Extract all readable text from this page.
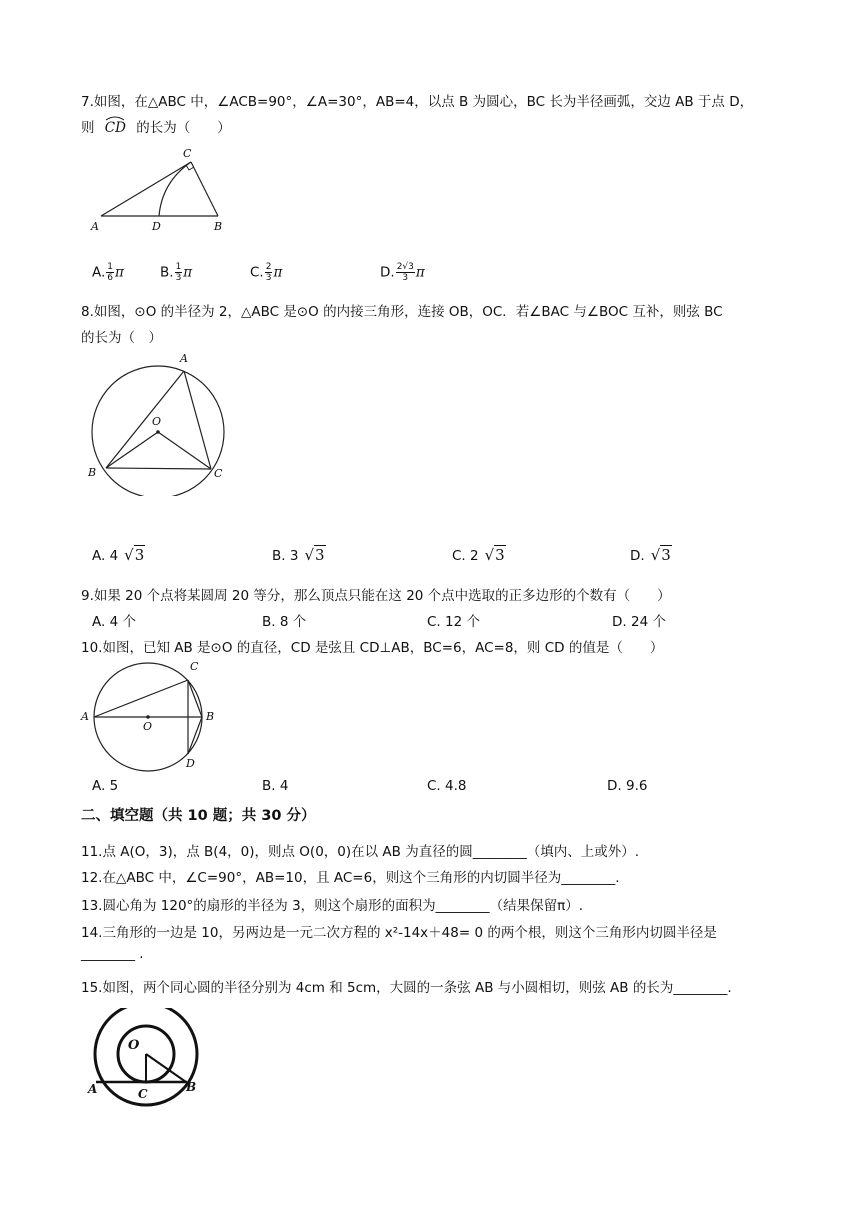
7.如图，在△ABC 中，∠ACB=90°，∠A=30°，AB=4，以点 B 为圆心，BC 长为半径画弧，交边 AB 于点 D，
则 CD 的长为（　　）
A	D	B
C
A. $\frac{1}{6}$ π	B. $\frac{1}{3}$ π	C. $\frac{2}{3}$ π	D. $\frac{2√3}{3}$ π
8.如图，⊙O 的半径为 2，△ABC 是⊙O 的内接三角形，连接 OB，OC．若∠BAC 与∠BOC 互补，则弦 BC
的长为（　）
A
O
B	C
A. 4 √3	B. 3 √3	C. 2 √3	D. √3
9.如果 20 个点将某圆周 20 等分，那么顶点只能在这 20 个点中选取的正多边形的个数有（　　）
A. 4 个	B. 8 个	C. 12 个	D. 24 个
10.如图，已知 AB 是⊙O 的直径，CD 是弦且 CD⊥AB，BC=6，AC=8，则 CD 的值是（　　）
A
O
B
C
D
A. 5	B. 4	C. 4.8	D. 9.6
二、填空题（共 10 题；共 30 分）
11.点 A(O，3)，点 B(4，0)，则点 O(0，0)在以 AB 为直径的圆________（填内、上或外）.
12.在△ABC 中，∠C=90°，AB=10，且 AC=6，则这个三角形的内切圆半径为________.
13.圆心角为 120°的扇形的半径为 3，则这个扇形的面积为________（结果保留π）.
14.三角形的一边是 10，另两边是一元二次方程的 x²-14x＋48= 0 的两个根，则这个三角形内切圆半径是
________ .
15.如图，两个同心圆的半径分别为 4cm 和 5cm，大圆的一条弦 AB 与小圆相切，则弦 AB 的长为________.
O
A	C	B
